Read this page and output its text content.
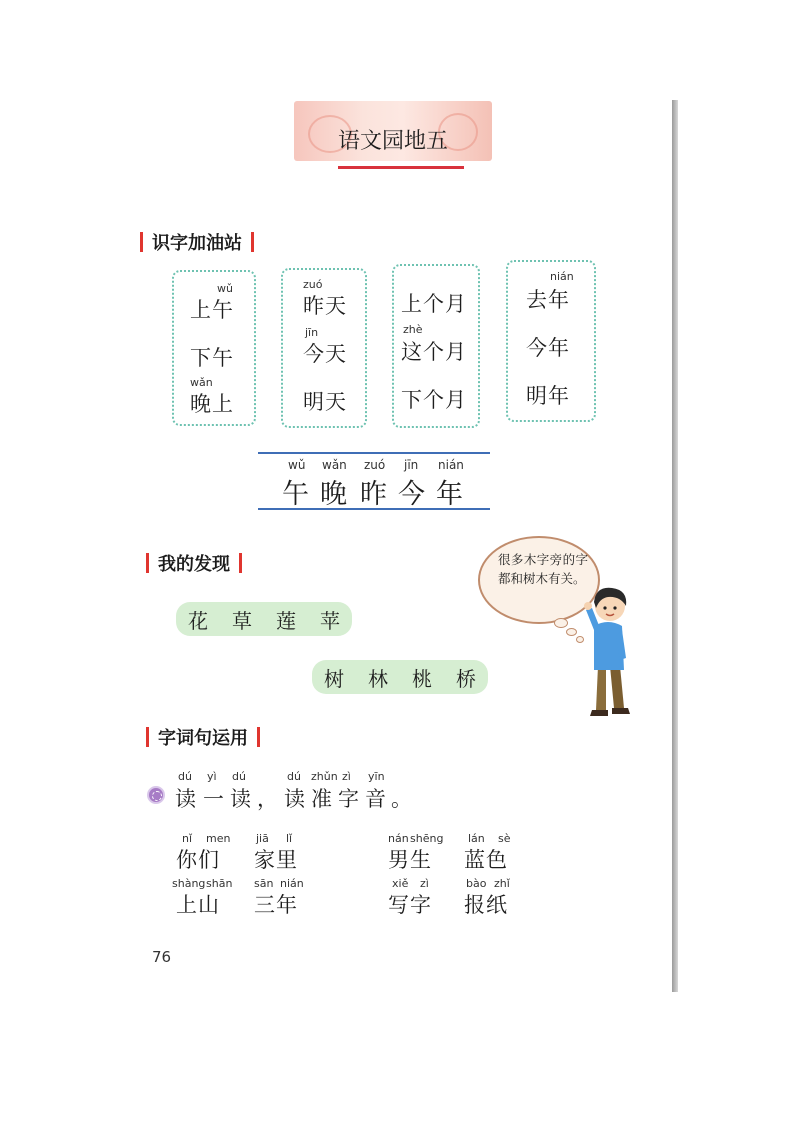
语文园地五
识字加油站
wǔ
上午
下午
wǎn
晚上
zuó
昨天
jīn
今天
明天
上个月
zhè
这个月
下个月
nián
去年
今年
明年
wǔ
午
wǎn
晚
zuó
昨
jīn
今
nián
年
我的发现
花 草 莲 苹
树 林 桃 桥
很多木字旁的字都和树木有关。
字词句运用
dú yì dú	dú zhǔn zì yīn
读 一 读 ， 读 准 字 音 。
nǐ men
你们
jiā lǐ
家里
nán shēng
男生
lán sè
蓝色
shàng shān
上山
sān nián
三年
xiě zì
写字
bào zhǐ
报纸
76
